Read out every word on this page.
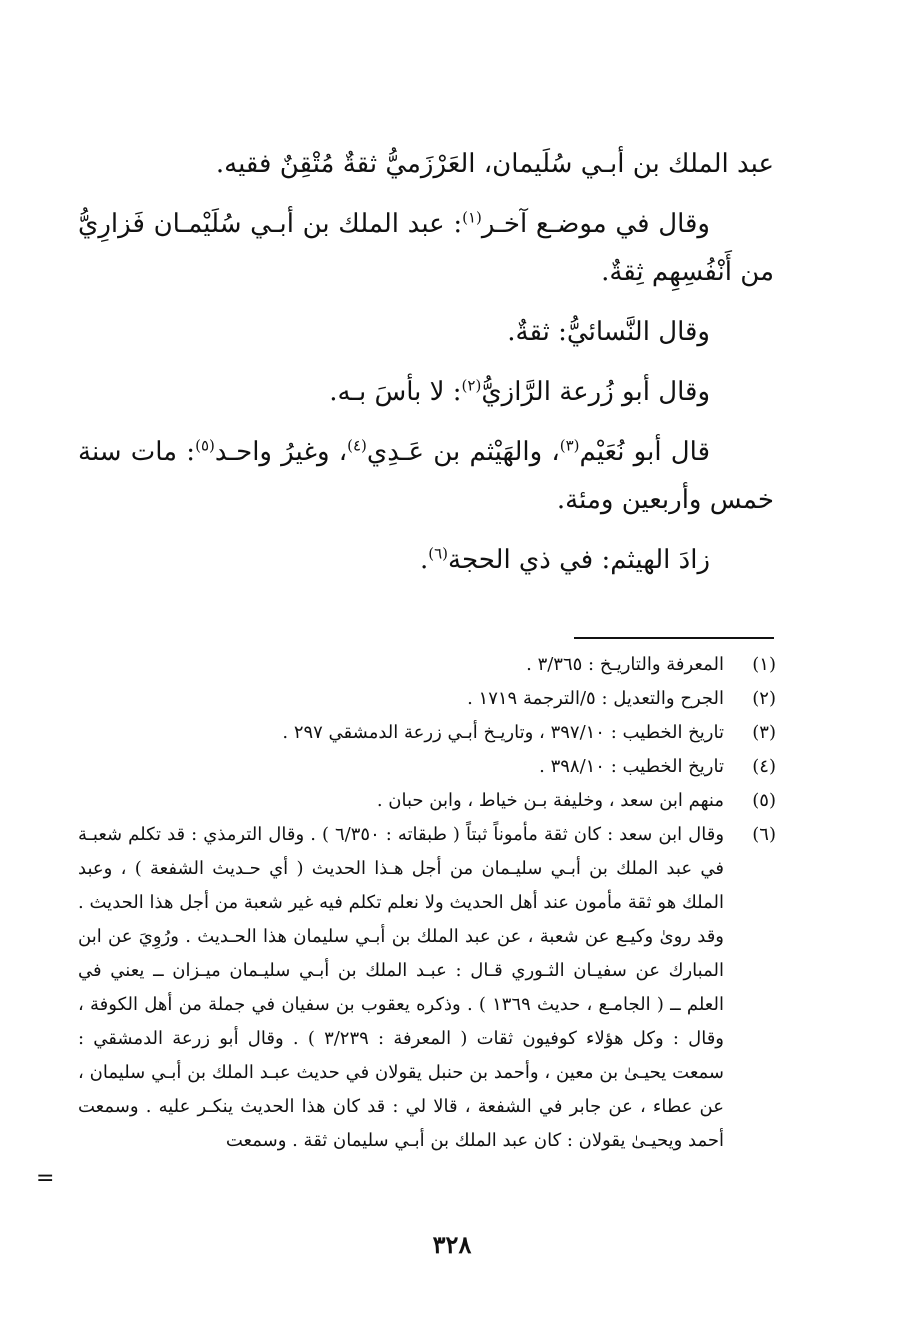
عبد الملك بن أبـي سُلَيمان، العَرْزَميُّ ثقةٌ مُتْقِنٌ فقيه.

وقال في موضـع آخـر$^{(١)}$: عبد الملك بن أبـي سُلَيْمـان فَزارِيُّ من أَنْفُسِهِم ثِقةٌ.

وقال النَّسائيُّ: ثقةٌ.

وقال أبو زُرعة الرَّازيُّ$^{(٢)}$: لا بأسَ بـه.

قال أبو نُعَيْم$^{(٣)}$، والهَيْثم بن عَـدِي$^{(٤)}$، وغيرُ واحـد$^{(٥)}$: مات سنة خمس وأربعين ومئة.

زادَ الهيثم: في ذي الحجة$^{(٦)}$.

(١)
المعرفة والتاريـخ : ٣/٣٦٥ .
(٢)
الجرح والتعديل : ٥/الترجمة ١٧١٩ .
(٣)
تاريخ الخطيب : ٣٩٧/١٠ ، وتاريـخ أبـي زرعة الدمشقي ٢٩٧ .
(٤)
تاريخ الخطيب : ٣٩٨/١٠ .
(٥)
منهم ابن سعد ، وخليفة بـن خياط ، وابن حبان .
(٦)
وقال ابن سعد : كان ثقة مأموناً ثبتاً ( طبقاته : ٦/٣٥٠ ) . وقال الترمذي : قد تكلم شعبـة في عبد الملك بن أبـي سليـمان من أجل هـذا الحديث ( أي حـديث الشفعة ) ، وعبد الملك هو ثقة مأمون عند أهل الحديث ولا نعلم تكلم فيه غير شعبة من أجل هذا الحديث . وقد روىٰ وكيـع عن شعبة ، عن عبد الملك بن أبـي سليمان هذا الحـديث . ورُوِيَ عن ابن المبارك عن سفيـان الثـوري قـال : عبـد الملك بن أبـي سليـمان ميـزان ــ يعني في العلم ــ ( الجامـع ، حديث ١٣٦٩ ) . وذكره يعقوب بن سفيان في جملة من أهل الكوفة ، وقال : وكل هؤلاء كوفيون ثقات ( المعرفة : ٣/٢٣٩ ) . وقال أبو زرعة الدمشقي : سمعت يحيـىٰ بن معين ، وأحمد بن حنبل يقولان في حديث عبـد الملك بن أبـي سليمان ، عن عطاء ، عن جابر في الشفعة ، قالا لي : قد كان هذا الحديث ينكـر عليه . وسمعت أحمد ويحيـىٰ يقولان : كان عبد الملك بن أبـي سليمان ثقة . وسمعت
=
٣٢٨
